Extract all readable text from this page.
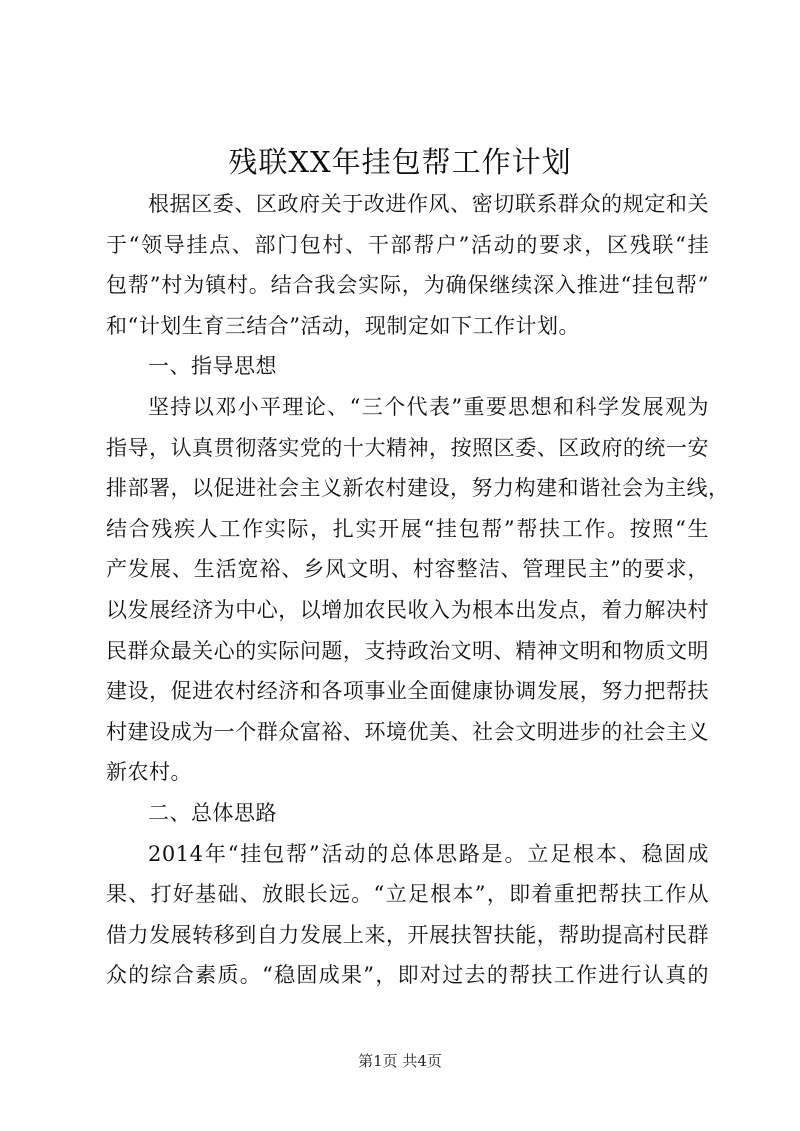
残联XX年挂包帮工作计划
根据区委、区政府关于改进作风、密切联系群众的规定和关
于“领导挂点、部门包村、干部帮户”活动的要求，区残联“挂
包帮”村为镇村。结合我会实际，为确保继续深入推进“挂包帮”
和“计划生育三结合”活动，现制定如下工作计划。
一、指导思想
坚持以邓小平理论、“三个代表”重要思想和科学发展观为
指导，认真贯彻落实党的十大精神，按照区委、区政府的统一安
排部署，以促进社会主义新农村建设，努力构建和谐社会为主线，
结合残疾人工作实际，扎实开展“挂包帮”帮扶工作。按照“生
产发展、生活宽裕、乡风文明、村容整洁、管理民主”的要求，
以发展经济为中心，以增加农民收入为根本出发点，着力解决村
民群众最关心的实际问题，支持政治文明、精神文明和物质文明
建设，促进农村经济和各项事业全面健康协调发展，努力把帮扶
村建设成为一个群众富裕、环境优美、社会文明进步的社会主义
新农村。
二、总体思路
2014年“挂包帮”活动的总体思路是。立足根本、稳固成
果、打好基础、放眼长远。“立足根本”，即着重把帮扶工作从
借力发展转移到自力发展上来，开展扶智扶能，帮助提高村民群
众的综合素质。“稳固成果”，即对过去的帮扶工作进行认真的
第1页 共4页
